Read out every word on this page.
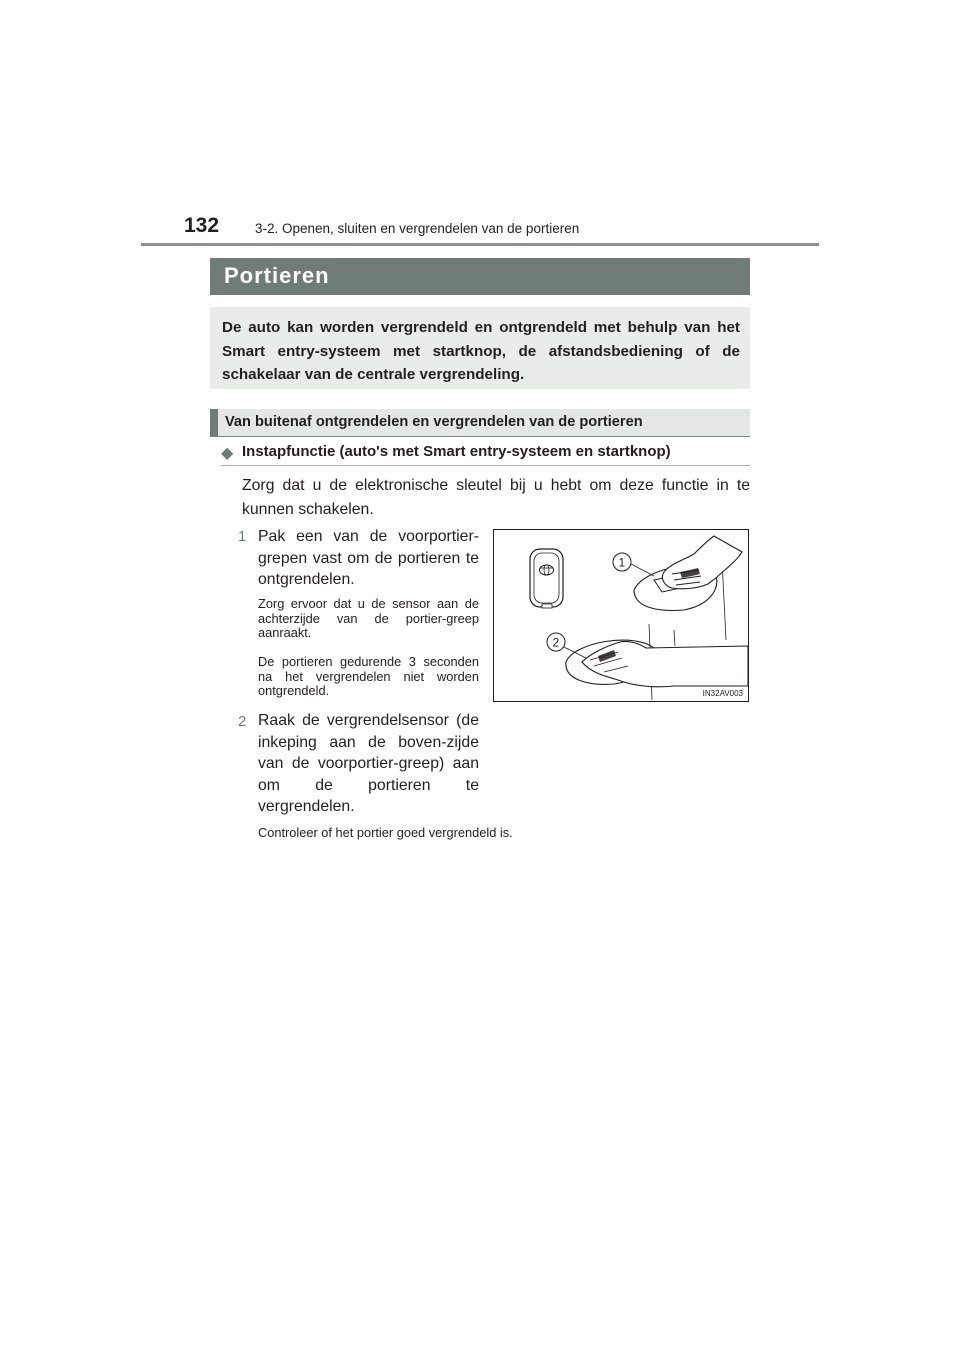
132	3-2. Openen, sluiten en vergrendelen van de portieren
Portieren
De auto kan worden vergrendeld en ontgrendeld met behulp van het Smart entry-systeem met startknop, de afstandsbediening of de schakelaar van de centrale vergrendeling.
Van buitenaf ontgrendelen en vergrendelen van de portieren
◆ Instapfunctie (auto's met Smart entry-systeem en startknop)
Zorg dat u de elektronische sleutel bij u hebt om deze functie in te kunnen schakelen.
1 Pak een van de voorportier-grepen vast om de portieren te ontgrendelen.
Zorg ervoor dat u de sensor aan de achterzijde van de portier-greep aanraakt.
De portieren gedurende 3 seconden na het vergrendelen niet worden ontgrendeld.
2 Raak de vergrendelsensor (de inkeping aan de boven-zijde van de voorportier-greep) aan om de portieren te vergrendelen.
Controleer of het portier goed vergrendeld is.
1
2
IN32AV003
